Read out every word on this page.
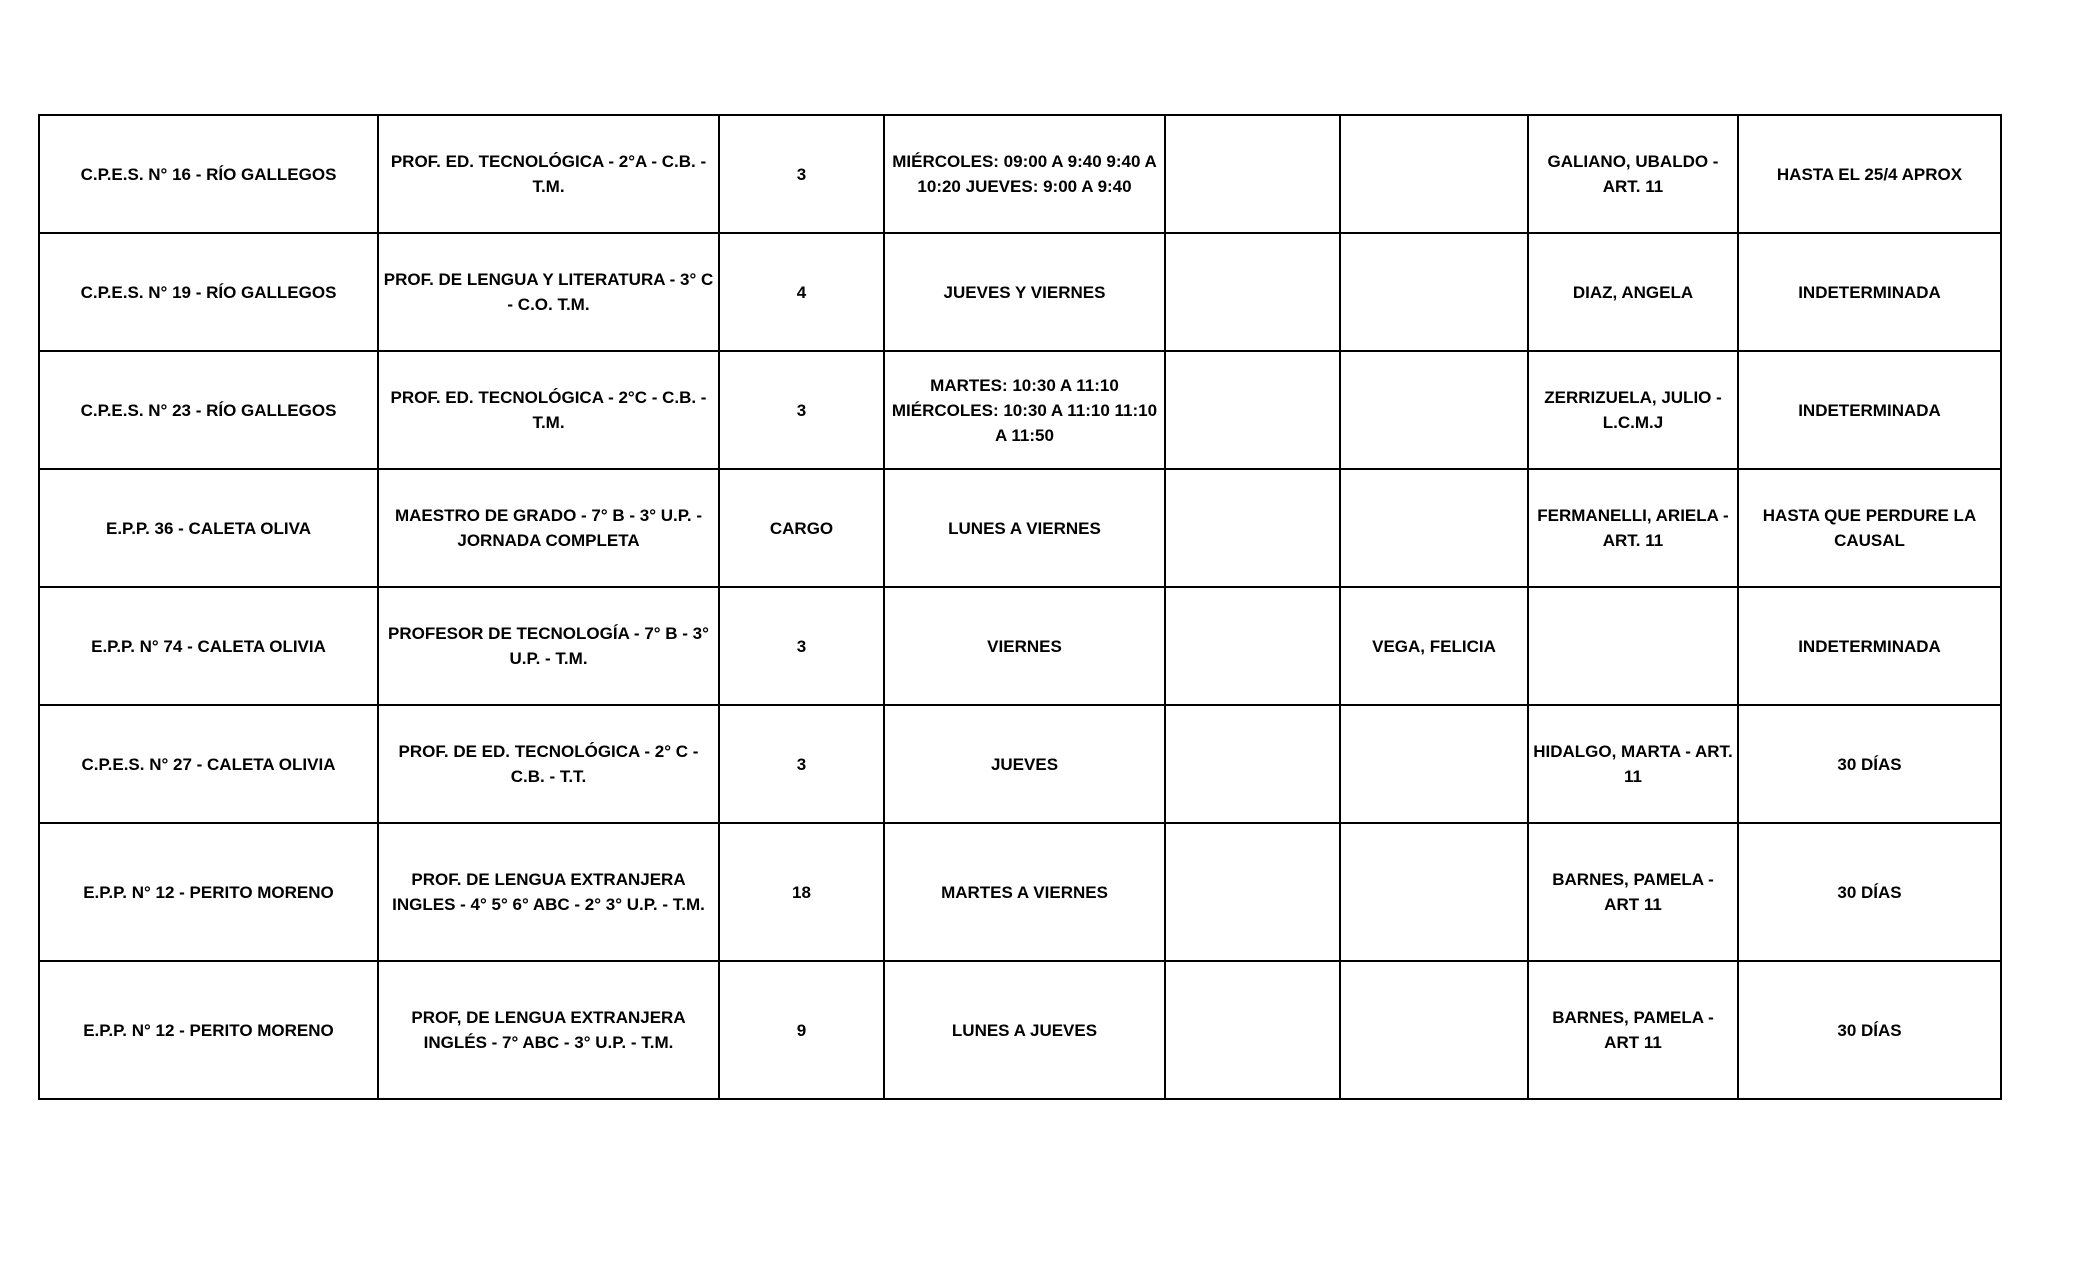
C.P.E.S. N° 16 - RÍO GALLEGOS	PROF. ED. TECNOLÓGICA - 2°A - C.B. - T.M.	3	MIÉRCOLES: 09:00 A 9:40 9:40 A 10:20 JUEVES: 9:00 A 9:40			GALIANO, UBALDO - ART. 11	HASTA EL 25/4 APROX
C.P.E.S. N° 19 - RÍO GALLEGOS	PROF. DE LENGUA Y LITERATURA - 3° C - C.O. T.M.	4	JUEVES Y VIERNES			DIAZ, ANGELA	INDETERMINADA
C.P.E.S. N° 23 - RÍO GALLEGOS	PROF. ED. TECNOLÓGICA - 2°C - C.B. - T.M.	3	MARTES: 10:30 A 11:10 MIÉRCOLES: 10:30 A 11:10 11:10 A 11:50			ZERRIZUELA, JULIO - L.C.M.J	INDETERMINADA
E.P.P. 36 - CALETA OLIVA	MAESTRO DE GRADO - 7° B - 3° U.P. - JORNADA COMPLETA	CARGO	LUNES A VIERNES			FERMANELLI, ARIELA - ART. 11	HASTA QUE PERDURE LA CAUSAL
E.P.P. N° 74 - CALETA OLIVIA	PROFESOR DE TECNOLOGÍA - 7° B - 3° U.P. - T.M.	3	VIERNES		VEGA, FELICIA		INDETERMINADA
C.P.E.S. N° 27 - CALETA OLIVIA	PROF. DE ED. TECNOLÓGICA - 2° C - C.B. - T.T.	3	JUEVES			HIDALGO, MARTA - ART. 11	30 DÍAS
E.P.P. N° 12 - PERITO MORENO	PROF. DE LENGUA EXTRANJERA INGLES - 4° 5° 6° ABC - 2° 3° U.P. - T.M.	18	MARTES A VIERNES			BARNES, PAMELA - ART 11	30 DÍAS
E.P.P. N° 12 - PERITO MORENO	PROF, DE LENGUA EXTRANJERA INGLÉS - 7° ABC - 3° U.P. - T.M.	9	LUNES A JUEVES			BARNES, PAMELA - ART 11	30 DÍAS
